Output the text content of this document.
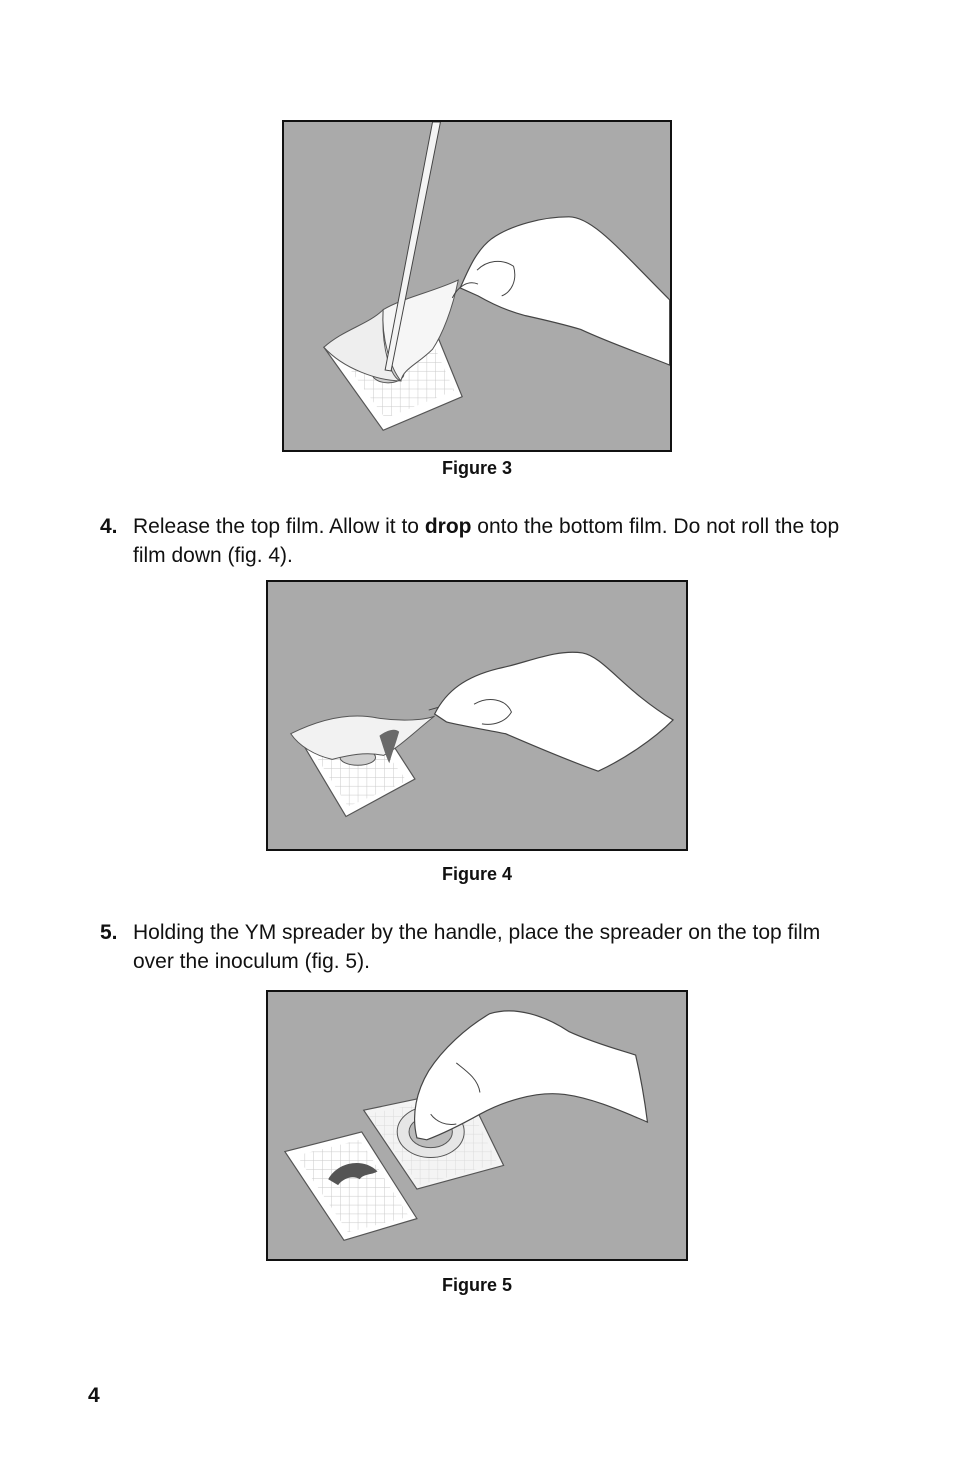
Figure 3
4. Release the top film. Allow it to drop onto the bottom film. Do not roll the top film down (fig. 4).
Figure 4
5. Holding the YM spreader by the handle, place the spreader on the top film over the inoculum (fig. 5).
Figure 5
4
